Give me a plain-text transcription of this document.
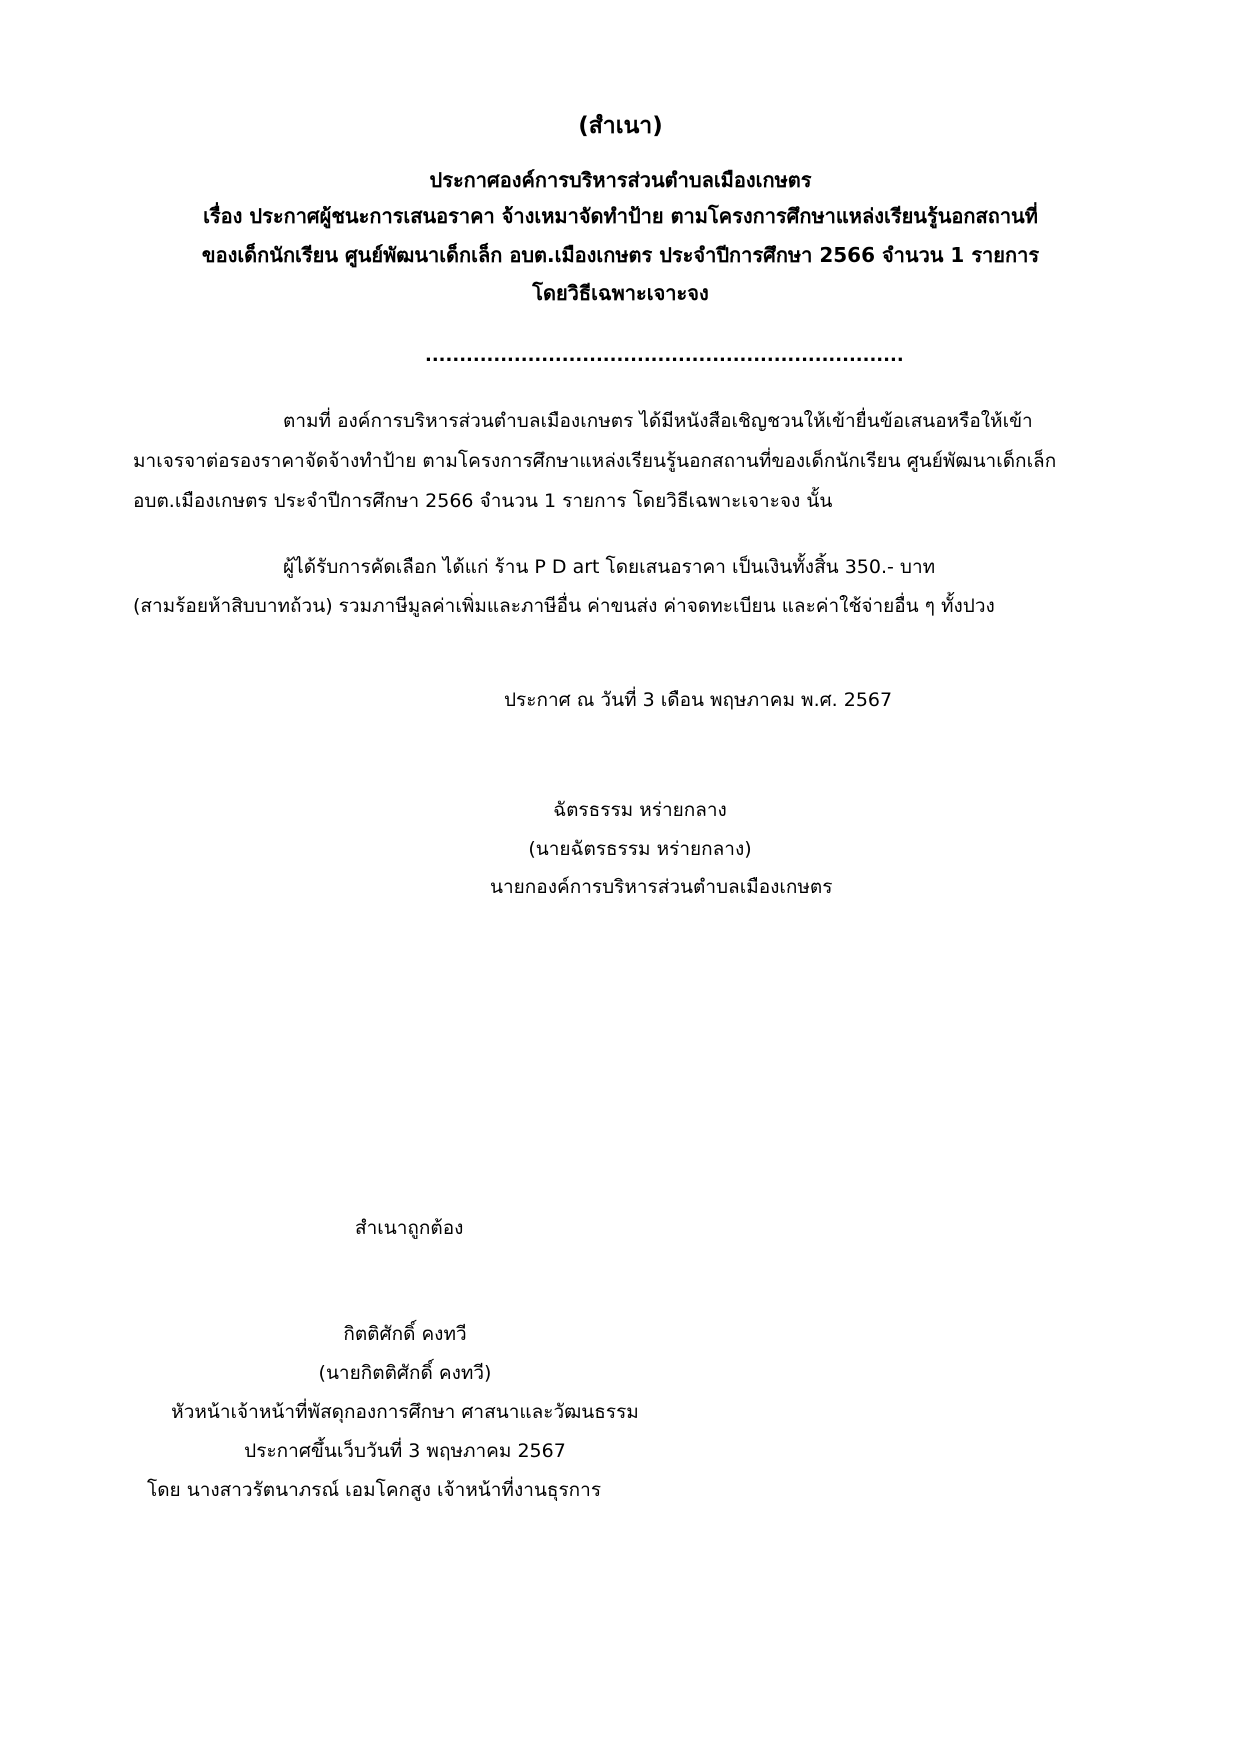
(สำเนา)
ประกาศองค์การบริหารส่วนตำบลเมืองเกษตร
เรื่อง ประกาศผู้ชนะการเสนอราคา จ้างเหมาจัดทำป้าย ตามโครงการศึกษาแหล่งเรียนรู้นอกสถานที่
ของเด็กนักเรียน ศูนย์พัฒนาเด็กเล็ก อบต.เมืองเกษตร ประจำปีการศึกษา 2566 จำนวน 1 รายการ
โดยวิธีเฉพาะเจาะจง
......................................................................
ตามที่ องค์การบริหารส่วนตำบลเมืองเกษตร ได้มีหนังสือเชิญชวนให้เข้ายื่นข้อเสนอหรือให้เข้า
มาเจรจาต่อรองราคาจัดจ้างทำป้าย ตามโครงการศึกษาแหล่งเรียนรู้นอกสถานที่ของเด็กนักเรียน ศูนย์พัฒนาเด็กเล็ก
อบต.เมืองเกษตร ประจำปีการศึกษา 2566 จำนวน 1 รายการ โดยวิธีเฉพาะเจาะจง นั้น
ผู้ได้รับการคัดเลือก ได้แก่ ร้าน P D art โดยเสนอราคา เป็นเงินทั้งสิ้น 350.- บาท
(สามร้อยห้าสิบบาทถ้วน) รวมภาษีมูลค่าเพิ่มและภาษีอื่น ค่าขนส่ง ค่าจดทะเบียน และค่าใช้จ่ายอื่น ๆ ทั้งปวง
ประกาศ ณ วันที่ 3 เดือน พฤษภาคม พ.ศ. 2567
ฉัตรธรรม หร่ายกลาง
(นายฉัตรธรรม หร่ายกลาง)
นายกองค์การบริหารส่วนตำบลเมืองเกษตร
สำเนาถูกต้อง
กิตติศักดิ์ คงทวี
(นายกิตติศักดิ์ คงทวี)
หัวหน้าเจ้าหน้าที่พัสดุกองการศึกษา ศาสนาและวัฒนธรรม
ประกาศขึ้นเว็บวันที่ 3 พฤษภาคม 2567
โดย นางสาวรัตนาภรณ์ เอมโคกสูง เจ้าหน้าที่งานธุรการ
